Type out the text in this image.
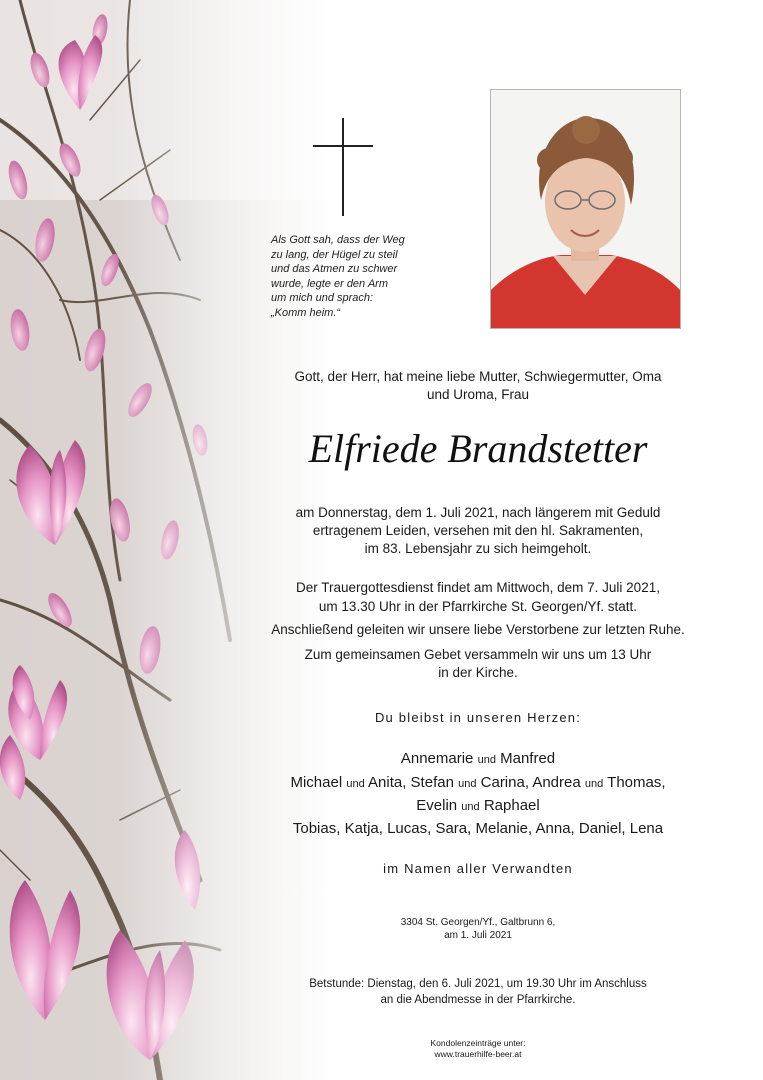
Als Gott sah, dass der Weg
zu lang, der Hügel zu steil
und das Atmen zu schwer
wurde, legte er den Arm
um mich und sprach:
„Komm heim.“
Gott, der Herr, hat meine liebe Mutter, Schwiegermutter, Oma
und Uroma, Frau
Elfriede Brandstetter
am Donnerstag, dem 1. Juli 2021, nach längerem mit Geduld
ertragenem Leiden, versehen mit den hl. Sakramenten,
im 83. Lebensjahr zu sich heimgeholt.
Der Trauergottesdienst findet am Mittwoch, dem 7. Juli 2021,
um 13.30 Uhr in der Pfarrkirche St. Georgen/Yf. statt.
Anschließend geleiten wir unsere liebe Verstorbene zur letzten Ruhe.
Zum gemeinsamen Gebet versammeln wir uns um 13 Uhr
in der Kirche.
Du bleibst in unseren Herzen:
Annemarie und Manfred
Michael und Anita, Stefan und Carina, Andrea und Thomas,
Evelin und Raphael
Tobias, Katja, Lucas, Sara, Melanie, Anna, Daniel, Lena
im Namen aller Verwandten
3304 St. Georgen/Yf., Galtbrunn 6,
am 1. Juli 2021
Betstunde: Dienstag, den 6. Juli 2021, um 19.30 Uhr im Anschluss
an die Abendmesse in der Pfarrkirche.
Kondolenzeinträge unter:
www.trauerhilfe-beer.at
